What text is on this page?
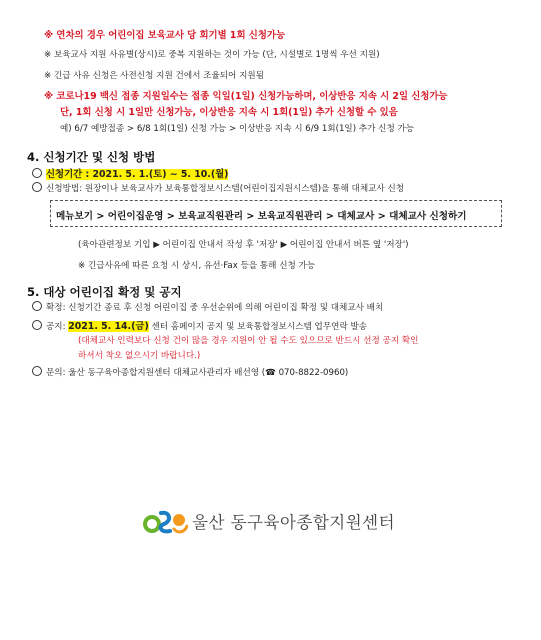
※ 연차의 경우 어린이집 보육교사 당 회기별 1회 신청가능
※ 보육교사 지원 사유별(상시)로 중복 지원하는 것이 가능 (단, 시설별로 1명씩 우선 지원)
※ 긴급 사유 신청은 사전신청 지원 건에서 조율되어 지원됨
※ 코로나19 백신 접종 지원일수는 접종 익일(1일) 신청가능하며, 이상반응 지속 시 2일 신청가능
단, 1회 신청 시 1일만 신청가능, 이상반응 지속 시 1회(1일) 추가 신청할 수 있음
예) 6/7 예방접종 > 6/8 1회(1일) 신청 가능 > 이상반응 지속 시 6/9 1회(1일) 추가 신청 가능
4. 신청기간 및 신청 방법
신청기간 : 2021. 5. 1.(토) ~ 5. 10.(월)
신청방법: 원장이나 보육교사가 보육통합정보시스템(어린이집지원시스템)을 통해 대체교사 신청
메뉴보기 > 어린이집운영 > 보육교직원관리 > 보육교직원관리 > 대체교사 > 대체교사 신청하기
(육아관련정보 기입 ▶ 어린이집 안내서 작성 후 '저장' ▶ 어린이집 안내서 버튼 옆 '저장')
※ 긴급사유에 따른 요청 시 상시, 유선·Fax 등을 통해 신청 가능
5. 대상 어린이집 확정 및 공지
확정: 신청기간 종료 후 신청 어린이집 중 우선순위에 의해 어린이집 확정 및 대체교사 배치
공지: 2021. 5. 14.(금) 센터 홈페이지 공지 및 보육통합정보시스템 업무연락 발송
(대체교사 인력보다 신청 건이 많을 경우 지원이 안 될 수도 있으므로 반드시 선정 공지 확인
하셔서 착오 없으시기 바랍니다.)
문의: 울산 동구육아종합지원센터 대체교사관리자 배선영 (☎ 070-8822-0960)
울산 동구육아종합지원센터
